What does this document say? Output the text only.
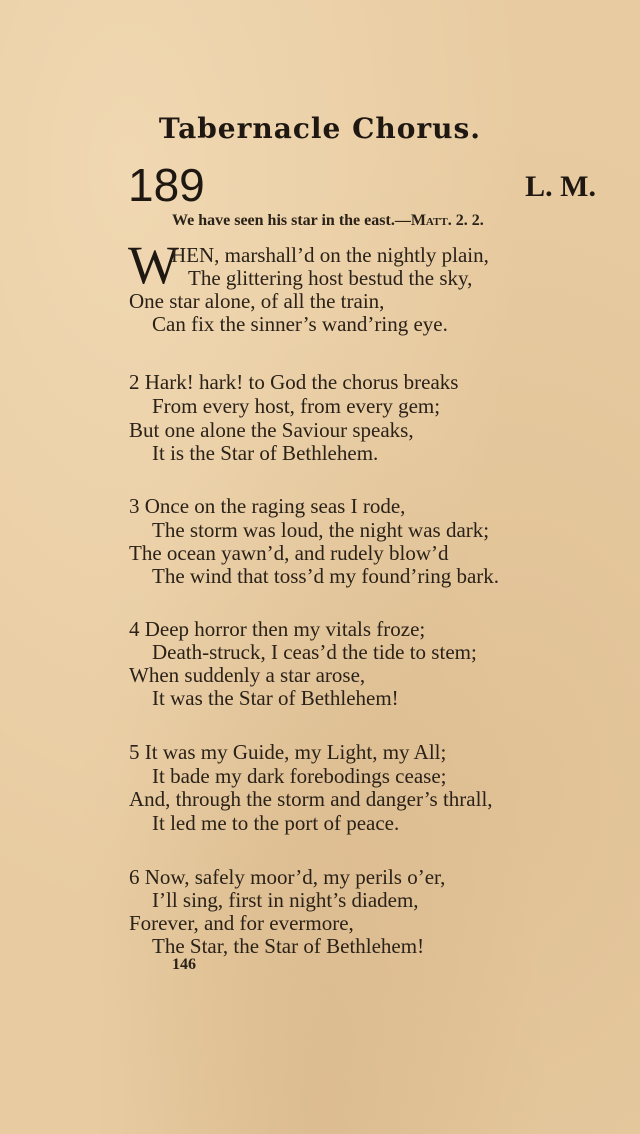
Tabernacle Chorus.
189	L. M.
We have seen his star in the east.—Matt. 2. 2.
W
HEN, marshall’d on the nightly plain,
The glittering host bestud the sky,
One star alone, of all the train,
Can fix the sinner’s wand’ring eye.
2 Hark! hark! to God the chorus breaks
From every host, from every gem;
But one alone the Saviour speaks,
It is the Star of Bethlehem.
3 Once on the raging seas I rode,
The storm was loud, the night was dark;
The ocean yawn’d, and rudely blow’d
The wind that toss’d my found’ring bark.
4 Deep horror then my vitals froze;
Death-struck, I ceas’d the tide to stem;
When suddenly a star arose,
It was the Star of Bethlehem!
5 It was my Guide, my Light, my All;
It bade my dark forebodings cease;
And, through the storm and danger’s thrall,
It led me to the port of peace.
6 Now, safely moor’d, my perils o’er,
I’ll sing, first in night’s diadem,
Forever, and for evermore,
The Star, the Star of Bethlehem!
146
